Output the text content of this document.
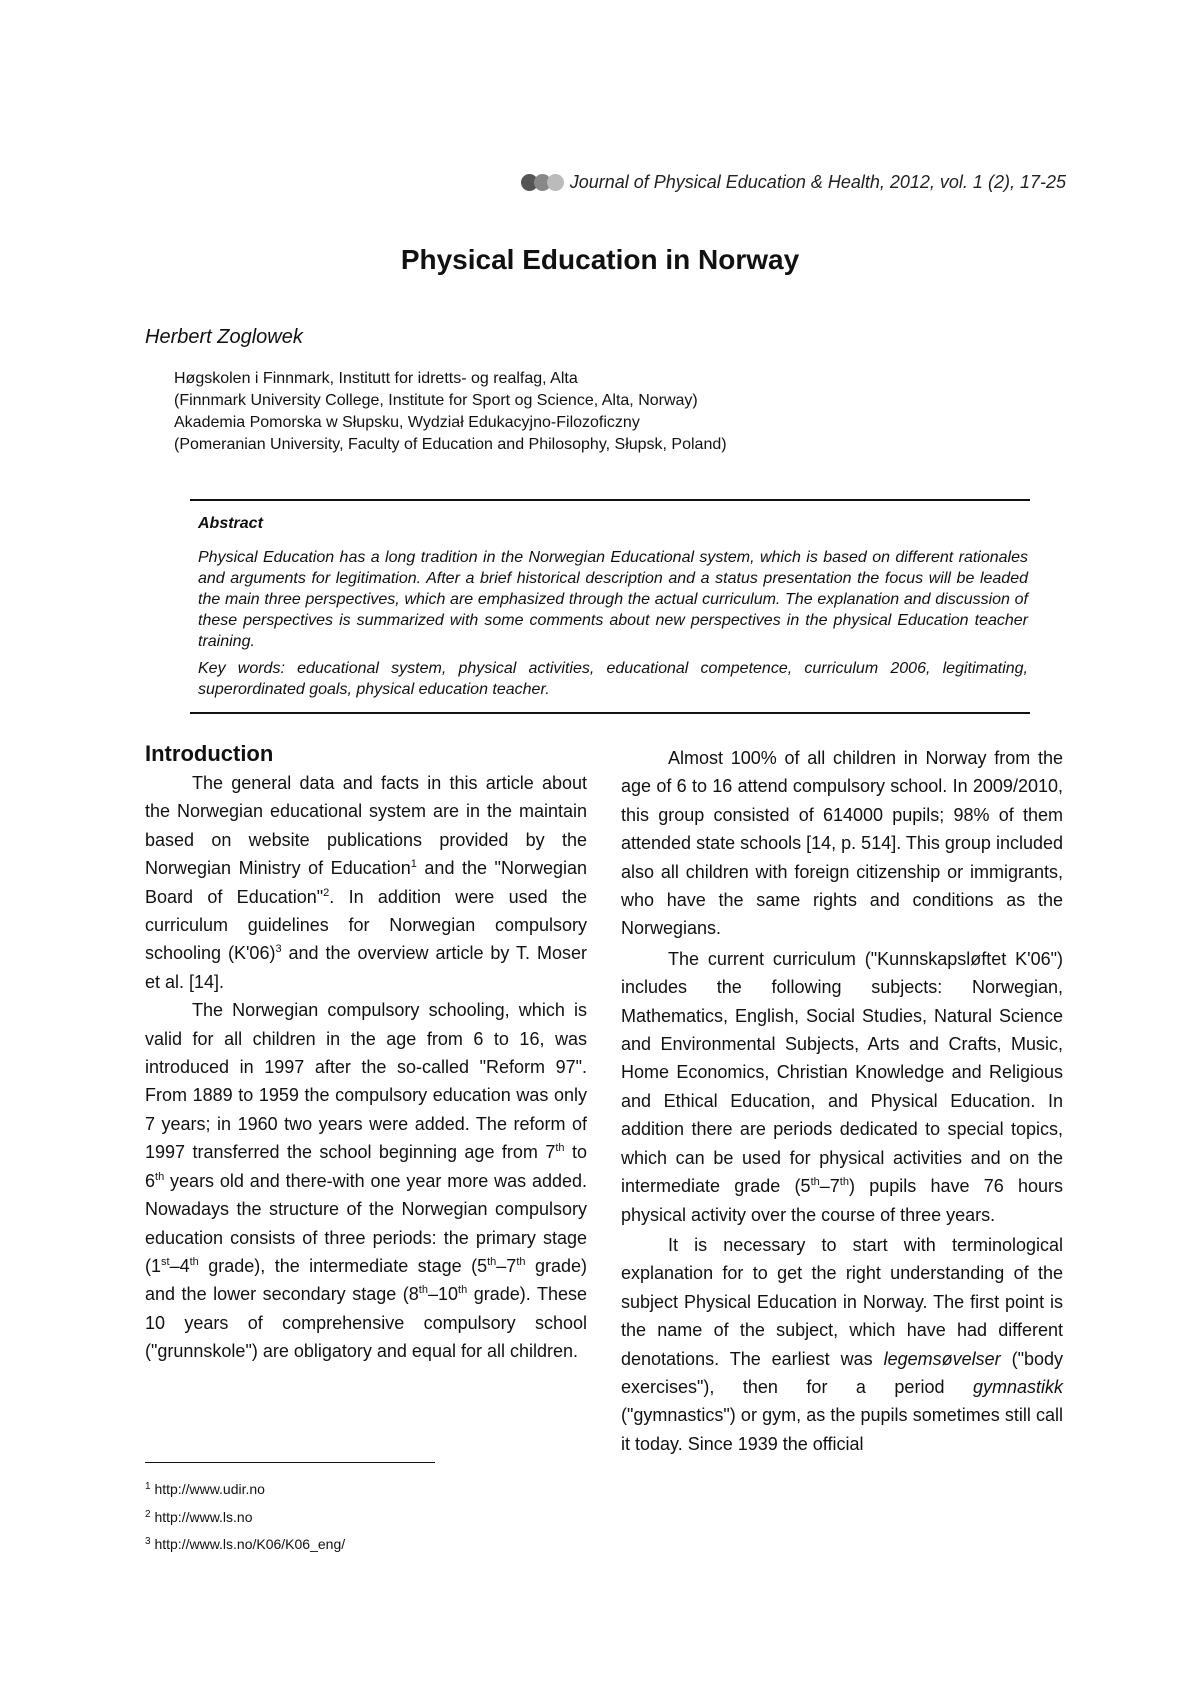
Journal of Physical Education & Health, 2012, vol. 1 (2), 17-25
Physical Education in Norway
Herbert Zoglowek
Høgskolen i Finnmark, Institutt for idretts- og realfag, Alta
(Finnmark University College, Institute for Sport og Science, Alta, Norway)
Akademia Pomorska w Słupsku, Wydział Edukacyjno-Filozoficzny
(Pomeranian University, Faculty of Education and Philosophy, Słupsk, Poland)
Abstract

Physical Education has a long tradition in the Norwegian Educational system, which is based on different rationales and arguments for legitimation. After a brief historical description and a status presentation the focus will be leaded the main three perspectives, which are emphasized through the actual curriculum. The explanation and discussion of these perspectives is summarized with some comments about new perspectives in the physical Education teacher training.

Key words: educational system, physical activities, educational competence, curriculum 2006, legitimating, superordinated goals, physical education teacher.

Introduction

The general data and facts in this article about the Norwegian educational system are in the maintain based on website publications provided by the Norwegian Ministry of Education$^1$ and the "Norwegian Board of Education"$^2$. In addition were used the curriculum guidelines for Norwegian compulsory schooling $(K'06)^3$ and the overview article by T. Moser et al. [14].

The Norwegian compulsory schooling, which is valid for all children in the age from 6 to 16, was introduced in 1997 after the so-called "Reform 97". From 1889 to 1959 the compulsory education was only 7 years; in 1960 two years were added. The reform of 1997 transferred the school beginning age from 7th to 6th years old and there-with one year more was added. Nowadays the structure of the Norwegian compulsory education consists of three periods: the primary stage (1st–4th grade), the intermediate stage (5th–7th grade) and the lower secondary stage (8th–10th grade). These 10 years of comprehensive compulsory school ("grunnskole") are obligatory and equal for all children.

Almost 100% of all children in Norway from the age of 6 to 16 attend compulsory school. In 2009/2010, this group consisted of 614000 pupils; 98% of them attended state schools [14, p. 514]. This group included also all children with foreign citizenship or immigrants, who have the same rights and conditions as the Norwegians.

The current curriculum ("Kunnskapsløftet K'06") includes the following subjects: Norwegian, Mathematics, English, Social Studies, Natural Science and Environmental Subjects, Arts and Crafts, Music, Home Economics, Christian Knowledge and Religious and Ethical Education, and Physical Education. In addition there are periods dedicated to special topics, which can be used for physical activities and on the intermediate grade (5th–7th) pupils have 76 hours physical activity over the course of three years.

It is necessary to start with terminological explanation for to get the right understanding of the subject Physical Education in Norway. The first point is the name of the subject, which have had different denotations. The earliest was legemsøvelser ("body exercises"), then for a period gymnastikk ("gymnastics") or gym, as the pupils sometimes still call it today. Since 1939 the official

$^1$ http://www.udir.no
$^2$ http://www.ls.no
$^3$ http://www.ls.no/K06/K06_eng/
